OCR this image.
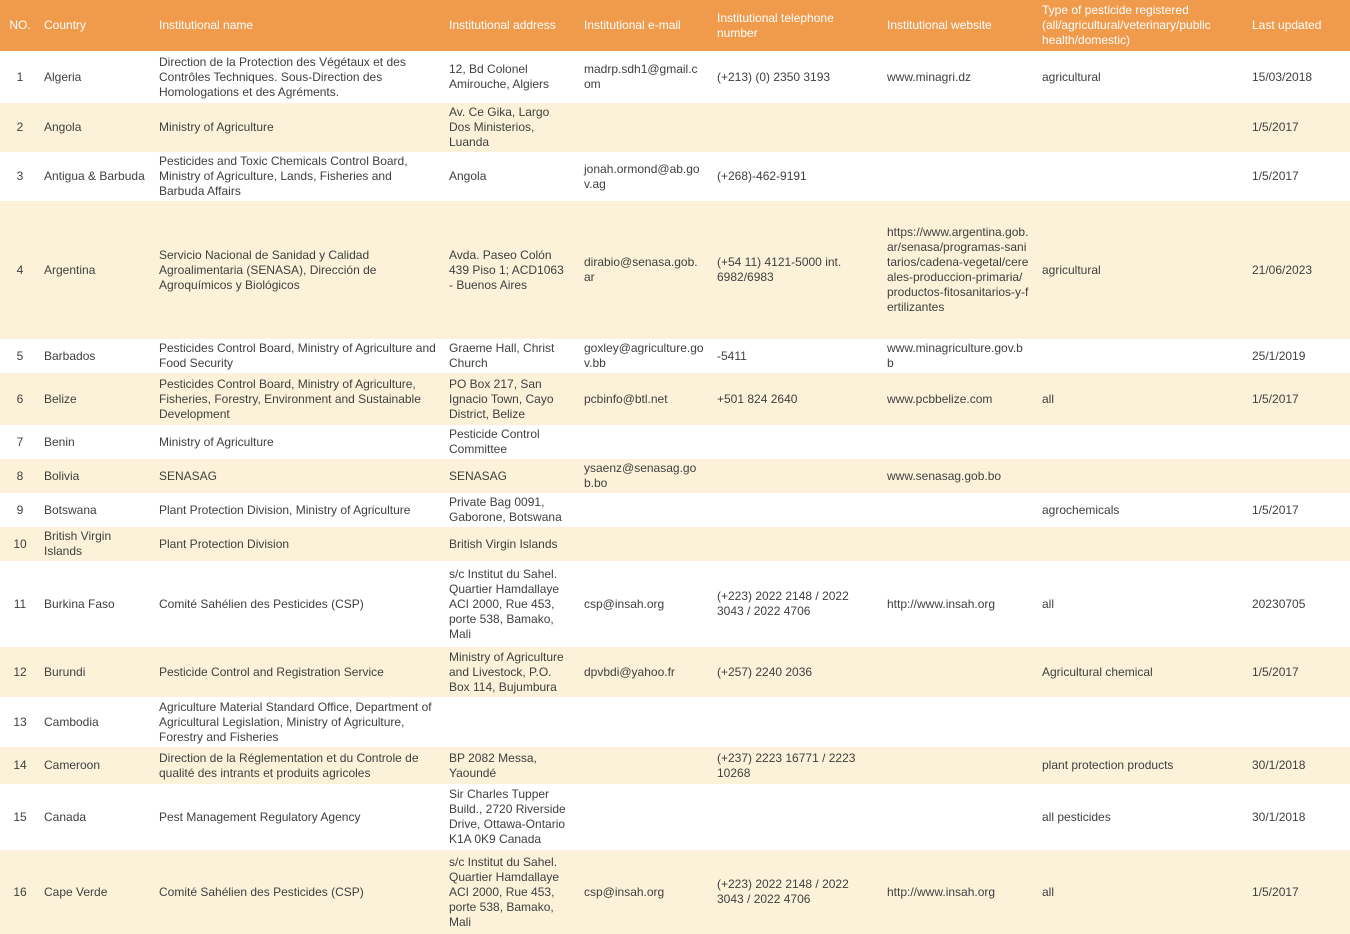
NO.	Country	Institutional name	Institutional address	Institutional e-mail	Institutional telephone number	Institutional website	Type of pesticide registered (all/agricultural/veterinary/public health/domestic)	Last updated
1	Algeria	Direction de la Protection des Végétaux et des Contrôles Techniques. Sous-Direction des Homologations et des Agréments.	12, Bd Colonel Amirouche, Algiers	madrp.sdh1@gmail.com	(+213) (0) 2350 3193	www.minagri.dz	agricultural	15/03/2018
2	Angola	Ministry of Agriculture	Av. Ce Gika, Largo Dos Ministerios, Luanda					1/5/2017
3	Antigua & Barbuda	Pesticides and Toxic Chemicals Control Board, Ministry of Agriculture, Lands, Fisheries and Barbuda Affairs	Angola	jonah.ormond@ab.gov.ag	(+268)-462-9191			1/5/2017
4	Argentina	Servicio Nacional de Sanidad y Calidad Agroalimentaria (SENASA), Dirección de Agroquímicos y Biológicos	Avda. Paseo Colón 439 Piso 1; ACD1063 - Buenos Aires	dirabio@senasa.gob.ar	(+54 11) 4121-5000 int. 6982/6983	https://www.argentina.gob.ar/senasa/programas-sanitarios/cadena-vegetal/cereales-produccion-primaria/productos-fitosanitarios-y-fertilizantes	agricultural	21/06/2023
5	Barbados	Pesticides Control Board, Ministry of Agriculture and Food Security	Graeme Hall, Christ Church	goxley@agriculture.gov.bb	-5411	www.minagriculture.gov.bb		25/1/2019
6	Belize	Pesticides Control Board, Ministry of Agriculture, Fisheries, Forestry, Environment and Sustainable Development	PO Box 217, San Ignacio Town, Cayo District, Belize	pcbinfo@btl.net	+501 824 2640	www.pcbbelize.com	all	1/5/2017
7	Benin	Ministry of Agriculture	Pesticide Control Committee					
8	Bolivia	SENASAG	SENASAG	ysaenz@senasag.gob.bo		www.senasag.gob.bo		
9	Botswana	Plant Protection Division, Ministry of Agriculture	Private Bag 0091, Gaborone, Botswana				agrochemicals	1/5/2017
10	British Virgin Islands	Plant Protection Division	British Virgin Islands					
11	Burkina Faso	Comité Sahélien des Pesticides (CSP)	s/c Institut du Sahel. Quartier Hamdallaye ACI 2000, Rue 453, porte 538, Bamako, Mali	csp@insah.org	(+223) 2022 2148 / 2022 3043 / 2022 4706	http://www.insah.org	all	20230705
12	Burundi	Pesticide Control and Registration Service	Ministry of Agriculture and Livestock, P.O. Box 114, Bujumbura	dpvbdi@yahoo.fr	(+257) 2240 2036		Agricultural chemical	1/5/2017
13	Cambodia	Agriculture Material Standard Office, Department of Agricultural Legislation, Ministry of Agriculture, Forestry and Fisheries						
14	Cameroon	Direction de la Réglementation et du Controle de qualité des intrants et produits agricoles	BP 2082 Messa, Yaoundé		(+237) 2223 16771 / 2223 10268		plant protection products	30/1/2018
15	Canada	Pest Management Regulatory Agency	Sir Charles Tupper Build., 2720 Riverside Drive, Ottawa-Ontario K1A 0K9 Canada				all pesticides	30/1/2018
16	Cape Verde	Comité Sahélien des Pesticides (CSP)	s/c Institut du Sahel. Quartier Hamdallaye ACI 2000, Rue 453, porte 538, Bamako, Mali	csp@insah.org	(+223) 2022 2148 / 2022 3043 / 2022 4706	http://www.insah.org	all	1/5/2017
